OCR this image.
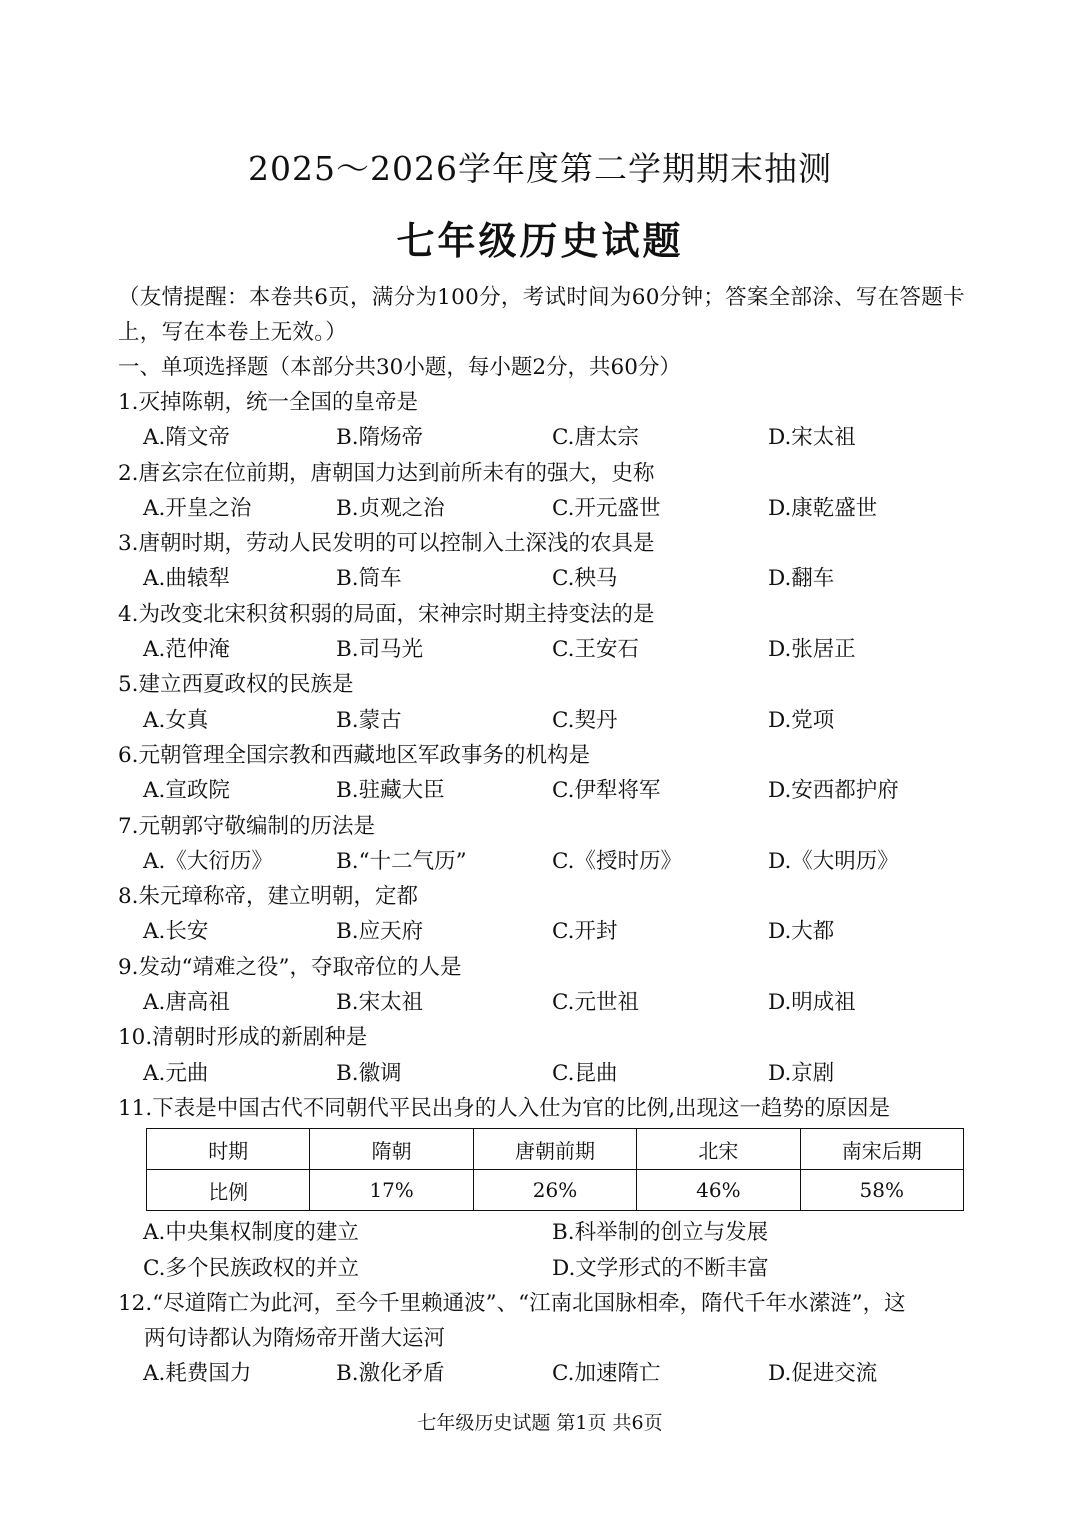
2025～2026学年度第二学期期末抽测
七年级历史试题
（友情提醒：本卷共6页，满分为100分，考试时间为60分钟；答案全部涂、写在答题卡上，写在本卷上无效。）
一、单项选择题（本部分共30小题，每小题2分，共60分）
1.灭掉陈朝，统一全国的皇帝是
A.隋文帝	B.隋炀帝	C.唐太宗	D.宋太祖
2.唐玄宗在位前期，唐朝国力达到前所未有的强大，史称
A.开皇之治	B.贞观之治	C.开元盛世	D.康乾盛世
3.唐朝时期，劳动人民发明的可以控制入土深浅的农具是
A.曲辕犁	B.筒车	C.秧马	D.翻车
4.为改变北宋积贫积弱的局面，宋神宗时期主持变法的是
A.范仲淹	B.司马光	C.王安石	D.张居正
5.建立西夏政权的民族是
A.女真	B.蒙古	C.契丹	D.党项
6.元朝管理全国宗教和西藏地区军政事务的机构是
A.宣政院	B.驻藏大臣	C.伊犁将军	D.安西都护府
7.元朝郭守敬编制的历法是
A.《大衍历》	B.“十二气历”	C.《授时历》	D.《大明历》
8.朱元璋称帝，建立明朝，定都
A.长安	B.应天府	C.开封	D.大都
9.发动“靖难之役”，夺取帝位的人是
A.唐高祖	B.宋太祖	C.元世祖	D.明成祖
10.清朝时形成的新剧种是
A.元曲	B.徽调	C.昆曲	D.京剧
11.下表是中国古代不同朝代平民出身的人入仕为官的比例,出现这一趋势的原因是
时期	隋朝	唐朝前期	北宋	南宋后期
比例	17%	26%	46%	58%
A.中央集权制度的建立	B.科举制的创立与发展
C.多个民族政权的并立	D.文学形式的不断丰富
12.“尽道隋亡为此河，至今千里赖通波”、“江南北国脉相牵，隋代千年水潆涟”，这
两句诗都认为隋炀帝开凿大运河
A.耗费国力	B.激化矛盾	C.加速隋亡	D.促进交流
七年级历史试题 第1页 共6页
